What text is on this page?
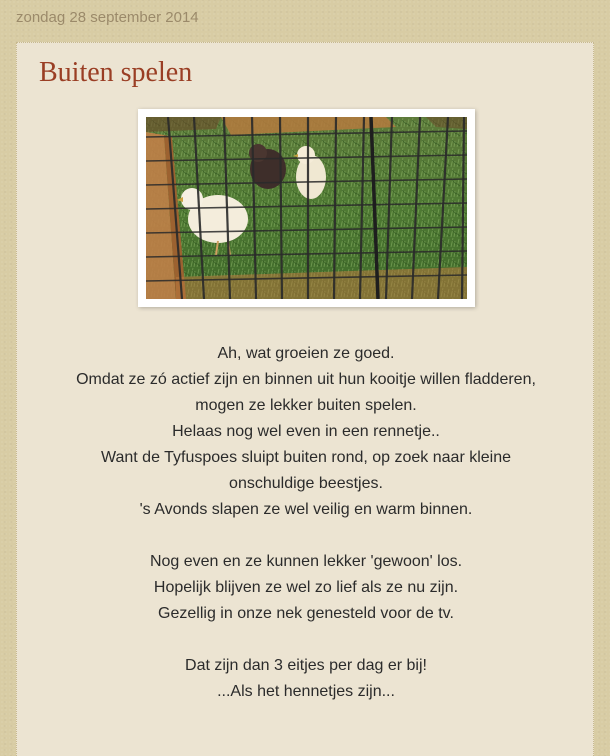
zondag 28 september 2014
Buiten spelen
Ah, wat groeien ze goed.
Omdat ze zó actief zijn en binnen uit hun kooitje willen fladderen,
mogen ze lekker buiten spelen.
Helaas nog wel even in een rennetje..
Want de Tyfuspoes sluipt buiten rond, op zoek naar kleine
onschuldige beestjes.
's Avonds slapen ze wel veilig en warm binnen.
Nog even en ze kunnen lekker 'gewoon' los.
Hopelijk blijven ze wel zo lief als ze nu zijn.
Gezellig in onze nek genesteld voor de tv.
Dat zijn dan 3 eitjes per dag er bij!
...Als het hennetjes zijn...
